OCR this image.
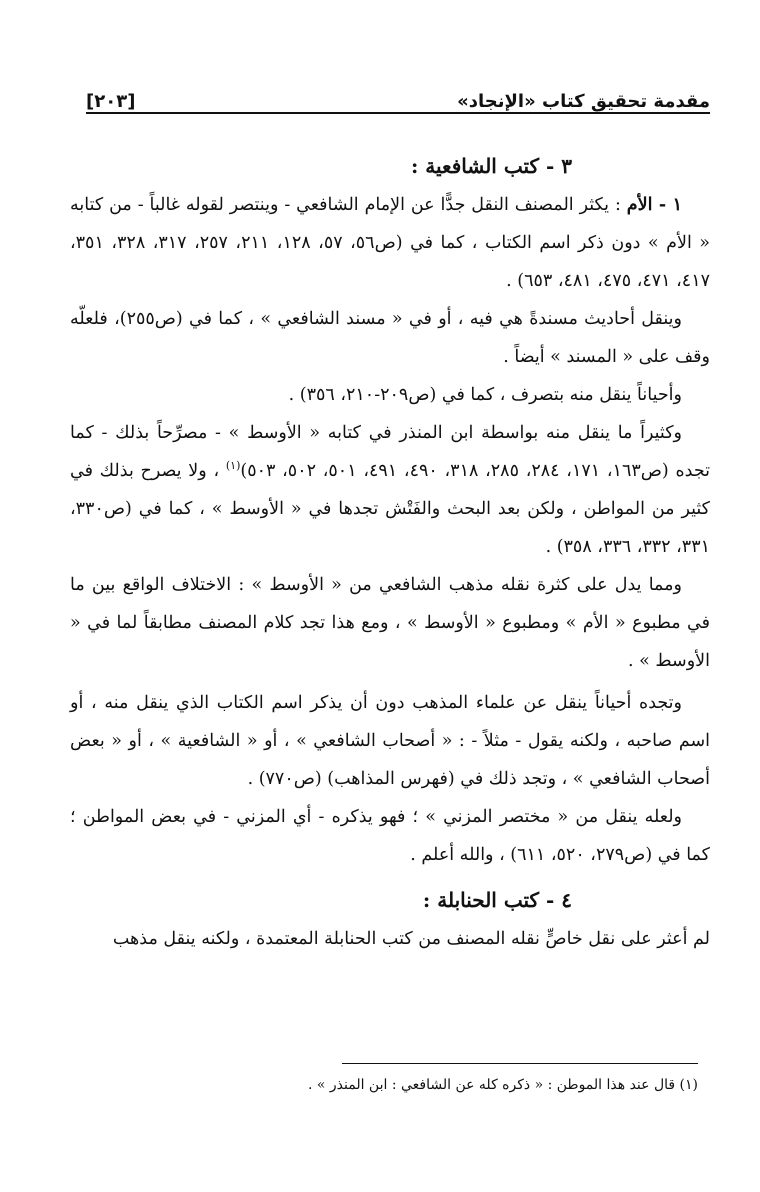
مقدمة تحقيق كتاب «الإنجاد»
[٢٠٣]
٣ - كتب الشافعية :

١ - الأم : يكثر المصنف النقل جدًّا عن الإمام الشافعي - وينتصر لقوله غالباً - من كتابه « الأم » دون ذكر اسم الكتاب ، كما في (ص٥٦، ٥٧، ١٢٨، ٢١١، ٢٥٧، ٣١٧، ٣٢٨، ٣٥١، ٤١٧، ٤٧١، ٤٧٥، ٤٨١، ٦٥٣) .

وينقل أحاديث مسندةً هي فيه ، أو في « مسند الشافعي » ، كما في (ص٢٥٥)، فلعلّه وقف على « المسند » أيضاً .

وأحياناً ينقل منه بتصرف ، كما في (ص٢٠٩-٢١٠، ٣٥٦) .

وكثيراً ما ينقل منه بواسطة ابن المنذر في كتابه « الأوسط » - مصرِّحاً بذلك - كما تجده (ص١٦٣، ١٧١، ٢٨٤، ٢٨٥، ٣١٨، ٤٩٠، ٤٩١، ٥٠١، ٥٠٢، ٥٠٣)$^{(١)}$ ، ولا يصرح بذلك في كثير من المواطن ، ولكن بعد البحث والفَتْش تجدها في « الأوسط » ، كما في (ص٣٣٠، ٣٣١، ٣٣٢، ٣٣٦، ٣٥٨) .

ومما يدل على كثرة نقله مذهب الشافعي من « الأوسط » : الاختلاف الواقع بين ما في مطبوع « الأم » ومطبوع « الأوسط » ، ومع هذا تجد كلام المصنف مطابقاً لما في « الأوسط » .

وتجده أحياناً ينقل عن علماء المذهب دون أن يذكر اسم الكتاب الذي ينقل منه ، أو اسم صاحبه ، ولكنه يقول - مثلاً - : « أصحاب الشافعي » ، أو « الشافعية » ، أو « بعض أصحاب الشافعي » ، وتجد ذلك في (فهرس المذاهب) (ص٧٧٠) .

ولعله ينقل من « مختصر المزني » ؛ فهو يذكره - أي المزني - في بعض المواطن ؛ كما في (ص٢٧٩، ٥٢٠، ٦١١) ، والله أعلم .

٤ - كتب الحنابلة :

لم أعثر على نقل خاصٍّ نقله المصنف من كتب الحنابلة المعتمدة ، ولكنه ينقل مذهب

(١) قال عند هذا الموطن : « ذكره كله عن الشافعي : ابن المنذر » .
